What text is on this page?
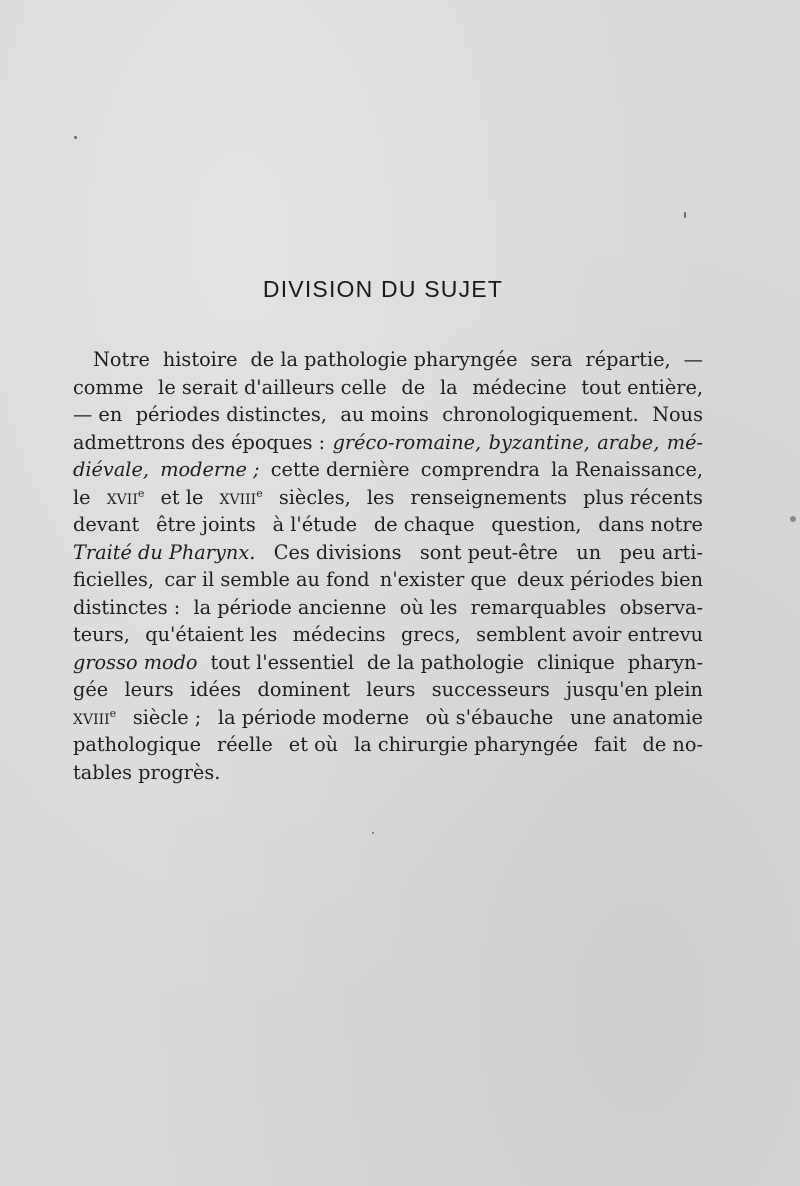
DIVISION DU SUJET
Notre histoire de la pathologie pharyngée sera répartie, —
comme le serait d'ailleurs celle de la médecine tout entière,
— en périodes distinctes, au moins chronologiquement. Nous
admettrons des époques : gréco-romaine, byzantine, arabe, mé-
diévale, moderne ; cette dernière comprendra la Renaissance,
le xvii$^e$ et le xviii$^e$ siècles, les renseignements plus récents
devant être joints à l'étude de chaque question, dans notre
Traité du Pharynx. Ces divisions sont peut-être un peu arti-
ficielles, car il semble au fond n'exister que deux périodes bien
distinctes : la période ancienne où les remarquables observa-
teurs, qu'étaient les médecins grecs, semblent avoir entrevu
grosso modo tout l'essentiel de la pathologie clinique pharyn-
gée leurs idées dominent leurs successeurs jusqu'en plein
xviii$^e$ siècle ; la période moderne où s'ébauche une anatomie
pathologique réelle et où la chirurgie pharyngée fait de no-
tables progrès.
